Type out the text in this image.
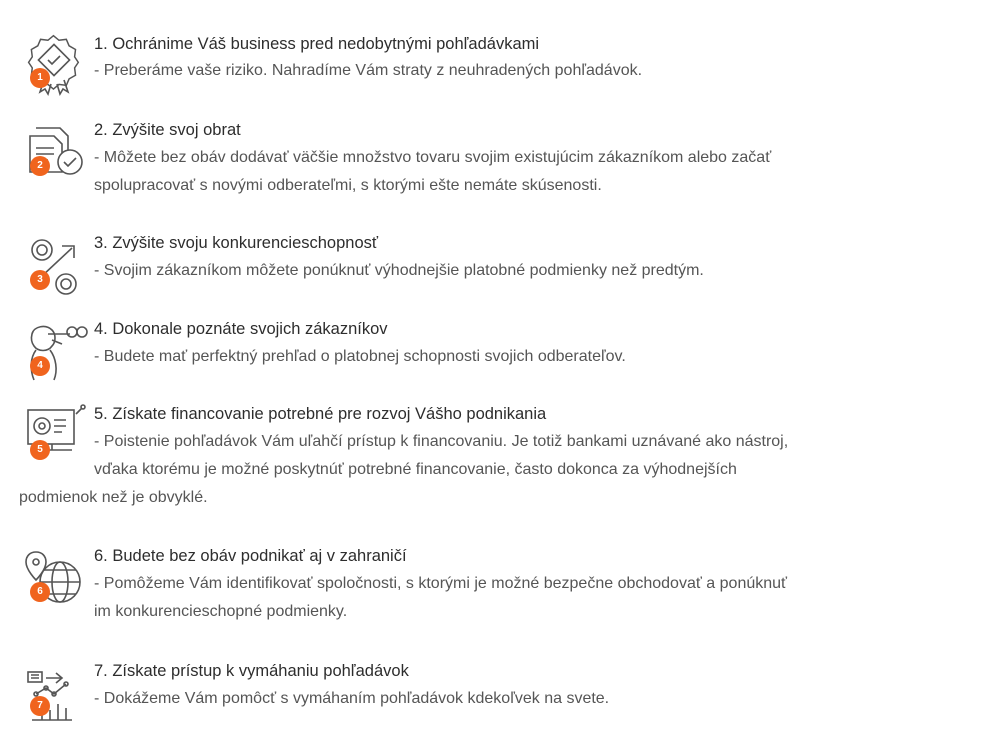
1
1. Ochránime Váš business pred nedobytnými pohľadávkami
- Preberáme vaše riziko. Nahradíme Vám straty z neuhradených pohľadávok.
2
2. Zvýšite svoj obrat
- Môžete bez obáv dodávať väčšie množstvo tovaru svojim existujúcim zákazníkom alebo začať
spolupracovať s novými odberateľmi, s ktorými ešte nemáte skúsenosti.
3
3. Zvýšite svoju konkurencieschopnosť
- Svojim zákazníkom môžete ponúknuť výhodnejšie platobné podmienky než predtým.
4
4. Dokonale poznáte svojich zákazníkov
- Budete mať perfektný prehľad o platobnej schopnosti svojich odberateľov.
5
5. Získate financovanie potrebné pre rozvoj Vášho podnikania
- Poistenie pohľadávok Vám uľahčí prístup k financovaniu. Je totiž bankami uznávané ako nástroj,
vďaka ktorému je možné poskytnúť potrebné financovanie, často dokonca za výhodnejších
podmienok než je obvyklé.
6
6. Budete bez obáv podnikať aj v zahraničí
- Pomôžeme Vám identifikovať spoločnosti, s ktorými je možné bezpečne obchodovať a ponúknuť
im konkurencieschopné podmienky.
7
7. Získate prístup k vymáhaniu pohľadávok
- Dokážeme Vám pomôcť s vymáhaním pohľadávok kdekoľvek na svete.
